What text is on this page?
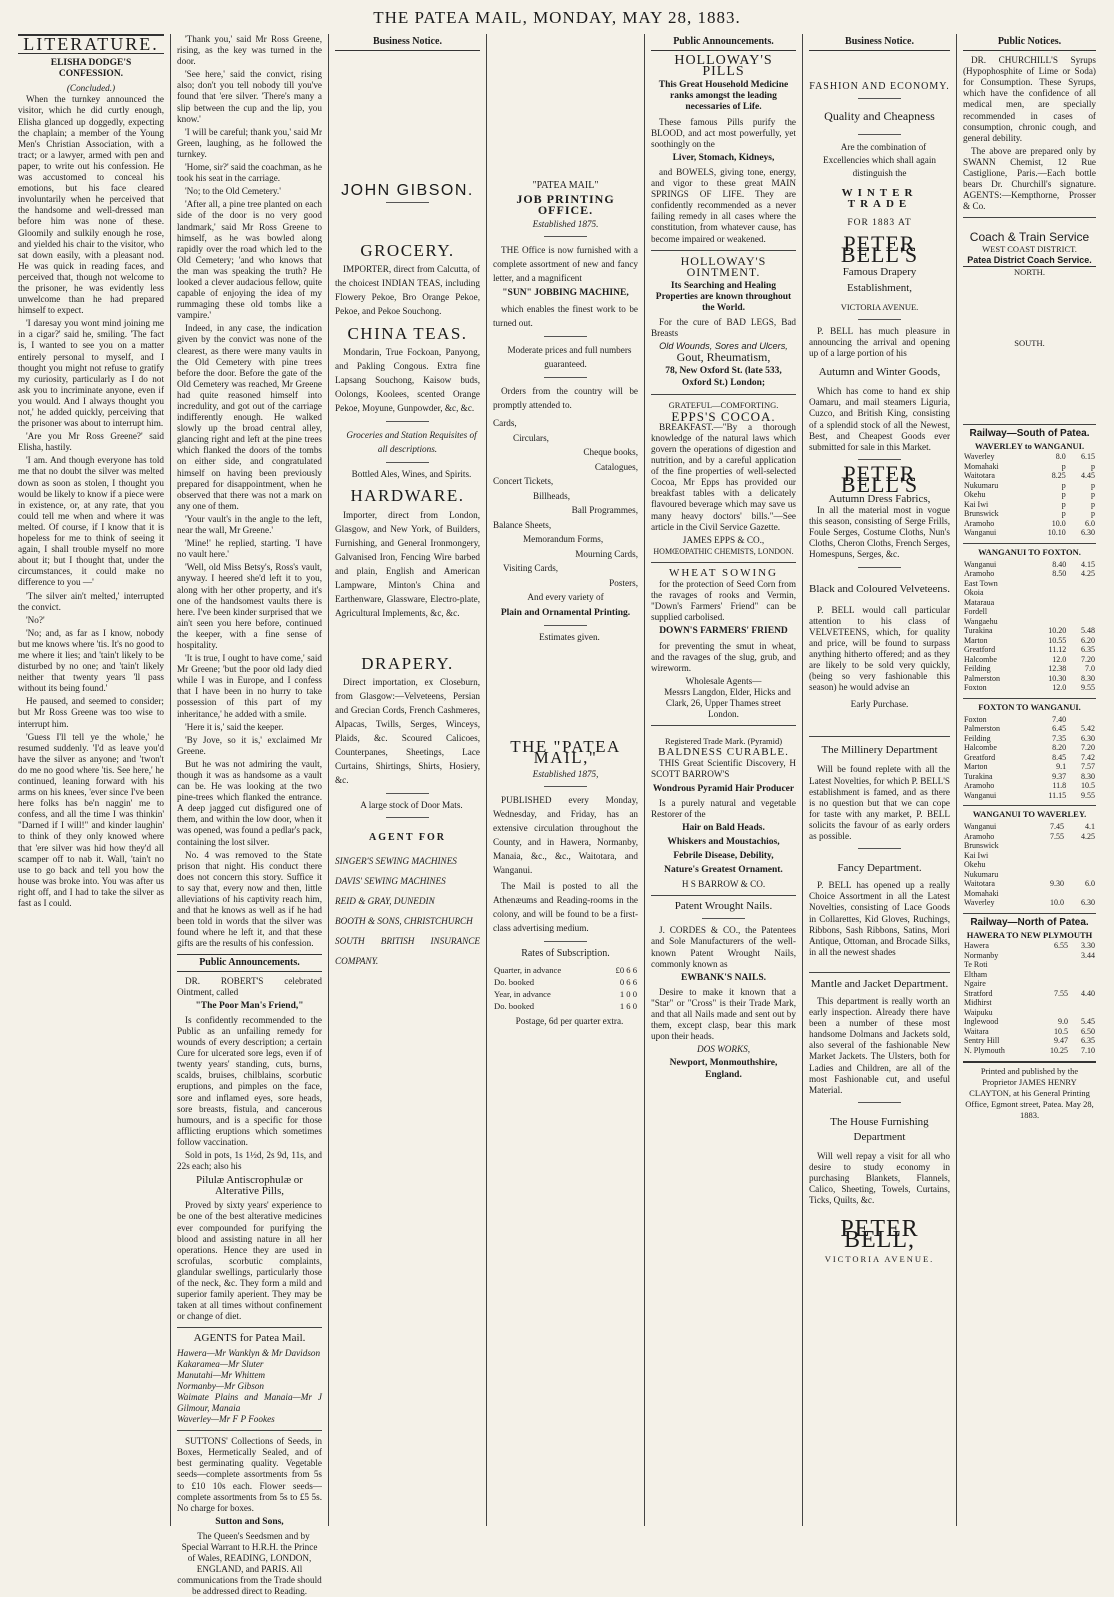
THE PATEA MAIL, MONDAY, MAY 28, 1883.
LITERATURE.
ELISHA DODGE'S CONFESSION.
(Concluded.)

When the turnkey announced the visitor, which he did curtly enough, Elisha glanced up doggedly, expecting the chaplain; a member of the Young Men's Christian Association, with a tract; or a lawyer, armed with pen and paper, to write out his confession. He was accustomed to conceal his emotions, but his face cleared involuntarily when he perceived that the handsome and well-dressed man before him was none of these. Gloomily and sulkily enough he rose, and yielded his chair to the visitor, who sat down easily, with a pleasant nod. He was quick in reading faces, and perceived that, though not welcome to the prisoner, he was evidently less unwelcome than he had prepared himself to expect.

'I daresay you wont mind joining me in a cigar?' said he, smiling. 'The fact is, I wanted to see you on a matter entirely personal to myself, and I thought you might not refuse to gratify my curiosity, particularly as I do not ask you to incriminate anyone, even if you would. And I always thought you not,' he added quickly, perceiving that the prisoner was about to interrupt him.

'Are you Mr Ross Greene?' said Elisha, hastily.

'I am. And though everyone has told me that no doubt the silver was melted down as soon as stolen, I thought you would be likely to know if a piece were in existence, or, at any rate, that you could tell me when and where it was melted. Of course, if I know that it is hopeless for me to think of seeing it again, I shall trouble myself no more about it; but I thought that, under the circumstances, it could make no difference to you —'

'The silver ain't melted,' interrupted the convict.

'No?'

'No; and, as far as I know, nobody but me knows where 'tis. It's no good to me where it lies; and 'tain't likely to be disturbed by no one; and 'tain't likely neither that twenty years 'll pass without its being found.'

He paused, and seemed to consider; but Mr Ross Greene was too wise to interrupt him.

'Guess I'll tell ye the whole,' he resumed suddenly. 'I'd as leave you'd have the silver as anyone; and 'twon't do me no good where 'tis. See here,' he continued, leaning forward with his arms on his knees, 'ever since I've been here folks has be'n naggin' me to confess, and all the time I was thinkin' "Darned if I will!" and kinder laughin' to think of they only knowed where that 'ere silver was hid how they'd all scamper off to nab it. Wall, 'tain't no use to go back and tell you how the house was broke into. You was after us right off, and I had to take the silver as fast as I could.

'Thank you,' said Mr Ross Greene, rising, as the key was turned in the door.

'See here,' said the convict, rising also; don't you tell nobody till you've found that 'ere silver. 'There's many a slip between the cup and the lip, you know.'

'I will be careful; thank you,' said Mr Green, laughing, as he followed the turnkey.

'Home, sir?' said the coachman, as he took his seat in the carriage.

'No; to the Old Cemetery.'

'After all, a pine tree planted on each side of the door is no very good landmark,' said Mr Ross Greene to himself, as he was bowled along rapidly over the road which led to the Old Cemetery; 'and who knows that the man was speaking the truth? He looked a clever audacious fellow, quite capable of enjoying the idea of my rummaging these old tombs like a vampire.'

Indeed, in any case, the indication given by the convict was none of the clearest, as there were many vaults in the Old Cemetery with pine trees before the door. Before the gate of the Old Cemetery was reached, Mr Greene had quite reasoned himself into incredulity, and got out of the carriage indifferently enough. He walked slowly up the broad central alley, glancing right and left at the pine trees which flanked the doors of the tombs on either side, and congratulated himself on having been previously prepared for disappointment, when he observed that there was not a mark on any one of them.

'Your vault's in the angle to the left, near the wall, Mr Greene.'

'Mine!' he replied, starting. 'I have no vault here.'

'Well, old Miss Betsy's, Ross's vault, anyway. I heered she'd left it to you, along with her other property, and it's one of the handsomest vaults there is here. I've been kinder surprised that we ain't seen you here before, continued the keeper, with a fine sense of hospitality.

'It is true, I ought to have come,' said Mr Greene; 'but the poor old lady died while I was in Europe, and I confess that I have been in no hurry to take possession of this part of my inheritance,' he added with a smile.

'Here it is,' said the keeper.

'By Jove, so it is,' exclaimed Mr Greene.

But he was not admiring the vault, though it was as handsome as a vault can be. He was looking at the two pine-trees which flanked the entrance. A deep jagged cut disfigured one of them, and within the low door, when it was opened, was found a pedlar's pack, containing the lost silver.

No. 4 was removed to the State prison that night. His conduct there does not concern this story. Suffice it to say that, every now and then, little alleviations of his captivity reach him, and that he knows as well as if he had been told in words that the silver was found where he left it, and that these gifts are the results of his confession.

Public Announcements.

DR. ROBERT'S celebrated Ointment, called

"The Poor Man's Friend,"

Is confidently recommended to the Public as an unfailing remedy for wounds of every description; a certain Cure for ulcerated sore legs, even if of twenty years' standing, cuts, burns, scalds, bruises, chilblains, scorbutic eruptions, and pimples on the face, sore and inflamed eyes, sore heads, sore breasts, fistula, and cancerous humours, and is a specific for those afflicting eruptions which sometimes follow vaccination.

Sold in pots, 1s 1½d, 2s 9d, 11s, and 22s each; also his

Pilulæ Antiscrophulæ or Alterative Pills,

Proved by sixty years' experience to be one of the best alterative medicines ever compounded for purifying the blood and assisting nature in all her operations. Hence they are used in scrofulas, scorbutic complaints, glandular swellings, particularly those of the neck, &c. They form a mild and superior family aperient. They may be taken at all times without confinement or change of diet.

AGENTS for Patea Mail.
Hawera—Mr Wanklyn & Mr Davidson
Kakaramea—Mr Sluter
Manutahi—Mr Whittem
Normanby—Mr Gibson
Waimate Plains and Manaia—Mr J Gilmour, Manaia
Waverley—Mr F P Fookes

SUTTONS' Collections of Seeds, in Boxes, Hermetically Sealed, and of best germinating quality. Vegetable seeds—complete assortments from 5s to £10 10s each. Flower seeds—complete assortments from 5s to £5 5s. No charge for boxes.

Sutton and Sons,

The Queen's Seedsmen and by Special Warrant to H.R.H. the Prince of Wales, READING, LONDON, ENGLAND, and PARIS. All communications from the Trade should be addressed direct to Reading.

Business Notice.
JOHN GIBSON.
GROCERY.

IMPORTER, direct from Calcutta, of the choicest INDIAN TEAS, including Flowery Pekoe, Bro Orange Pekoe, Pekoe, and Pekoe Souchong.

CHINA TEAS.

Mondarin, True Fockoan, Panyong, and Pakling Congous. Extra fine Lapsang Souchong, Kaisow buds, Oolongs, Koolees, scented Orange Pekoe, Moyune, Gunpowder, &c, &c.

Groceries and Station Requisites of all descriptions.

Bottled Ales, Wines, and Spirits.

HARDWARE.

Importer, direct from London, Glasgow, and New York, of Builders, Furnishing, and General Ironmongery, Galvanised Iron, Fencing Wire barbed and plain, English and American Lampware, Minton's China and Earthenware, Glassware, Electro-plate, Agricultural Implements, &c, &c.

DRAPERY.

Direct importation, ex Closeburn, from Glasgow:—Velveteens, Persian and Grecian Cords, French Cashmeres, Alpacas, Twills, Serges, Winceys, Plaids, &c. Scoured Calicoes, Counterpanes, Sheetings, Lace Curtains, Shirtings, Shirts, Hosiery, &c.

A large stock of Door Mats.

AGENT FOR
SINGER'S SEWING MACHINES
DAVIS' SEWING MACHINES
REID & GRAY, DUNEDIN
BOOTH & SONS, CHRISTCHURCH
SOUTH BRITISH INSURANCE COMPANY.
"PATEA MAIL"
JOB PRINTING OFFICE.
Established 1875.

THE Office is now furnished with a complete assortment of new and fancy letter, and a magnificent

"SUN" JOBBING MACHINE,

which enables the finest work to be turned out.

Moderate prices and full numbers guaranteed.

Orders from the country will be promptly attended to.

Cards,
Circulars,
Cheque books,
Catalogues,
Concert Tickets,
Billheads,
Ball Programmes,
Balance Sheets,
Memorandum Forms,
Mourning Cards,
Visiting Cards,
Posters,
And every variety of
Plain and Ornamental Printing.

Estimates given.

THE "PATEA MAIL,"
Established 1875,

PUBLISHED every Monday, Wednesday, and Friday, has an extensive circulation throughout the County, and in Hawera, Normanby, Manaia, &c., &c., Waitotara, and Wanganui.

The Mail is posted to all the Athenæums and Reading-rooms in the colony, and will be found to be a first-class advertising medium.

Rates of Subscription.
Quarter, in advance	£0 6 6
Do. booked	0 6 6
Year, in advance	1 0 0
Do. booked	1 6 0

Postage, 6d per quarter extra.

Public Announcements.
HOLLOWAY'S PILLS
This Great Household Medicine ranks amongst the leading necessaries of Life.

These famous Pills purify the BLOOD, and act most powerfully, yet soothingly on the

Liver, Stomach, Kidneys,

and BOWELS, giving tone, energy, and vigor to these great MAIN SPRINGS OF LIFE. They are confidently recommended as a never failing remedy in all cases where the constitution, from whatever cause, has become impaired or weakened.

HOLLOWAY'S OINTMENT.
Its Searching and Healing Properties are known throughout the World.

For the cure of BAD LEGS, Bad Breasts

Old Wounds, Sores and Ulcers,
Gout, Rheumatism,
78, New Oxford St. (late 533, Oxford St.) London;
GRATEFUL—COMFORTING.
EPPS'S COCOA.

BREAKFAST.—"By a thorough knowledge of the natural laws which govern the operations of digestion and nutrition, and by a careful application of the fine properties of well-selected Cocoa, Mr Epps has provided our breakfast tables with a delicately flavoured beverage which may save us many heavy doctors' bills."—See article in the Civil Service Gazette.

JAMES EPPS & CO.,
HOMŒOPATHIC CHEMISTS, LONDON.
WHEAT SOWING

for the protection of Seed Corn from the ravages of rooks and Vermin, "Down's Farmers' Friend" can be supplied carbolised.

DOWN'S FARMERS' FRIEND

for preventing the smut in wheat, and the ravages of the slug, grub, and wireworm.

Wholesale Agents—

Messrs Langdon, Elder, Hicks and Clark, 26, Upper Thames street London.

Registered Trade Mark. (Pyramid)
BALDNESS CURABLE.

THIS Great Scientific Discovery, H SCOTT BARROW'S

Wondrous Pyramid Hair Producer

Is a purely natural and vegetable Restorer of the

Hair on Bald Heads.
Whiskers and Moustachios,
Febrile Disease, Debility,
Nature's Greatest Ornament.
H S BARROW & CO.
Patent Wrought Nails.

J. CORDES & CO., the Patentees and Sole Manufacturers of the well-known Patent Wrought Nails, commonly known as

EWBANK'S NAILS.

Desire to make it known that a "Star" or "Cross" is their Trade Mark, and that all Nails made and sent out by them, except clasp, bear this mark upon their heads.

DOS WORKS,
Newport, Monmouthshire, England.
Business Notice.
FASHION AND ECONOMY.
Quality and Cheapness

Are the combination of Excellencies which shall again distinguish the

WINTER TRADE
FOR 1883 AT
PETER BELL'S
Famous Drapery Establishment,
VICTORIA AVENUE.

P. BELL has much pleasure in announcing the arrival and opening up of a large portion of his

Autumn and Winter Goods,

Which has come to hand ex ship Oamaru, and mail steamers Liguria, Cuzco, and British King, consisting of a splendid stock of all the Newest, Best, and Cheapest Goods ever submitted for sale in this Market.

PETER BELL'S
Autumn Dress Fabrics,

In all the material most in vogue this season, consisting of Serge Frills, Foule Serges, Costume Cloths, Nun's Cloths, Cheron Cloths, French Serges, Homespuns, Serges, &c.

Black and Coloured Velveteens.

P. BELL would call particular attention to his class of VELVETEENS, which, for quality and price, will be found to surpass anything hitherto offered; and as they are likely to be sold very quickly, (being so very fashionable this season) he would advise an

Early Purchase.
The Millinery Department

Will be found replete with all the Latest Novelties, for which P. BELL'S establishment is famed, and as there is no question but that we can cope for taste with any market, P. BELL solicits the favour of as early orders as possible.

Fancy Department.

P. BELL has opened up a really Choice Assortment in all the Latest Novelties, consisting of Lace Goods in Collarettes, Kid Gloves, Ruchings, Ribbons, Sash Ribbons, Satins, Mori Antique, Ottoman, and Brocade Silks, in all the newest shades

Mantle and Jacket Department.

This department is really worth an early inspection. Already there have been a number of these most handsome Dolmans and Jackets sold, also several of the fashionable New Market Jackets. The Ulsters, both for Ladies and Children, are all of the most Fashionable cut, and useful Material.

The House Furnishing Department

Will well repay a visit for all who desire to study economy in purchasing Blankets, Flannels, Calico, Sheeting, Towels, Curtains, Ticks, Quilts, &c.

PETER BELL,
VICTORIA AVENUE.
Public Notices.

DR. CHURCHILL'S Syrups (Hypophosphite of Lime or Soda) for Consumption. These Syrups, which have the confidence of all medical men, are specially recommended in cases of consumption, chronic cough, and general debility.

The above are prepared only by SWANN Chemist, 12 Rue Castiglione, Paris.—Each bottle bears Dr. Churchill's signature. AGENTS:—Kempthorne, Prosser & Co.

Coach & Train Service
WEST COAST DISTRICT.
Patea District Coach Service.
NORTH.
SOUTH.
Railway—South of Patea.
WAVERLEY to WANGANUI.
Waverley	8.0	6.15
Momahaki	p	p
Waitotara	8.25	4.45
Nukumaru	p	p
Okehu	p	p
Kai Iwi	p	p
Brunswick	p	p
Aramoho	10.0	6.0
Wanganui	10.10	6.30
WANGANUI TO FOXTON.
Wanganui	8.40	4.15
Aramoho	8.50	4.25
East Town		
Okoia		
Mataraua		
Fordell		
Wangaehu		
Turakina	10.20	5.48
Marton	10.55	6.20
Greatford	11.12	6.35
Halcombe	12.0	7.20
Feilding	12.38	7.0
Palmerston	10.30	8.30
Foxton	12.0	9.55
FOXTON TO WANGANUI.
Foxton	7.40	
Palmerston	6.45	5.42
Feilding	7.35	6.30
Halcombe	8.20	7.20
Greatford	8.45	7.42
Marton	9.1	7.57
Turakina	9.37	8.30
Aramoho	11.8	10.5
Wanganui	11.15	9.55
WANGANUI TO WAVERLEY.
Wanganui	7.45	4.1
Aramoho	7.55	4.25
Brunswick		
Kai Iwi		
Okehu		
Nukumaru		
Waitotara	9.30	6.0
Momahaki		
Waverley	10.0	6.30
Railway—North of Patea.
HAWERA TO NEW PLYMOUTH
Hawera	6.55	3.30
Normanby		3.44
Te Roti		
Eltham		
Ngaire		
Stratford	7.55	4.40
Midhirst		
Waipuku		
Inglewood	9.0	5.45
Waitara	10.5	6.50
Sentry Hill	9.47	6.35
N. Plymouth	10.25	7.10
Printed and published by the Proprietor JAMES HENRY CLAYTON, at his General Printing Office, Egmont street, Patea. May 28, 1883.
